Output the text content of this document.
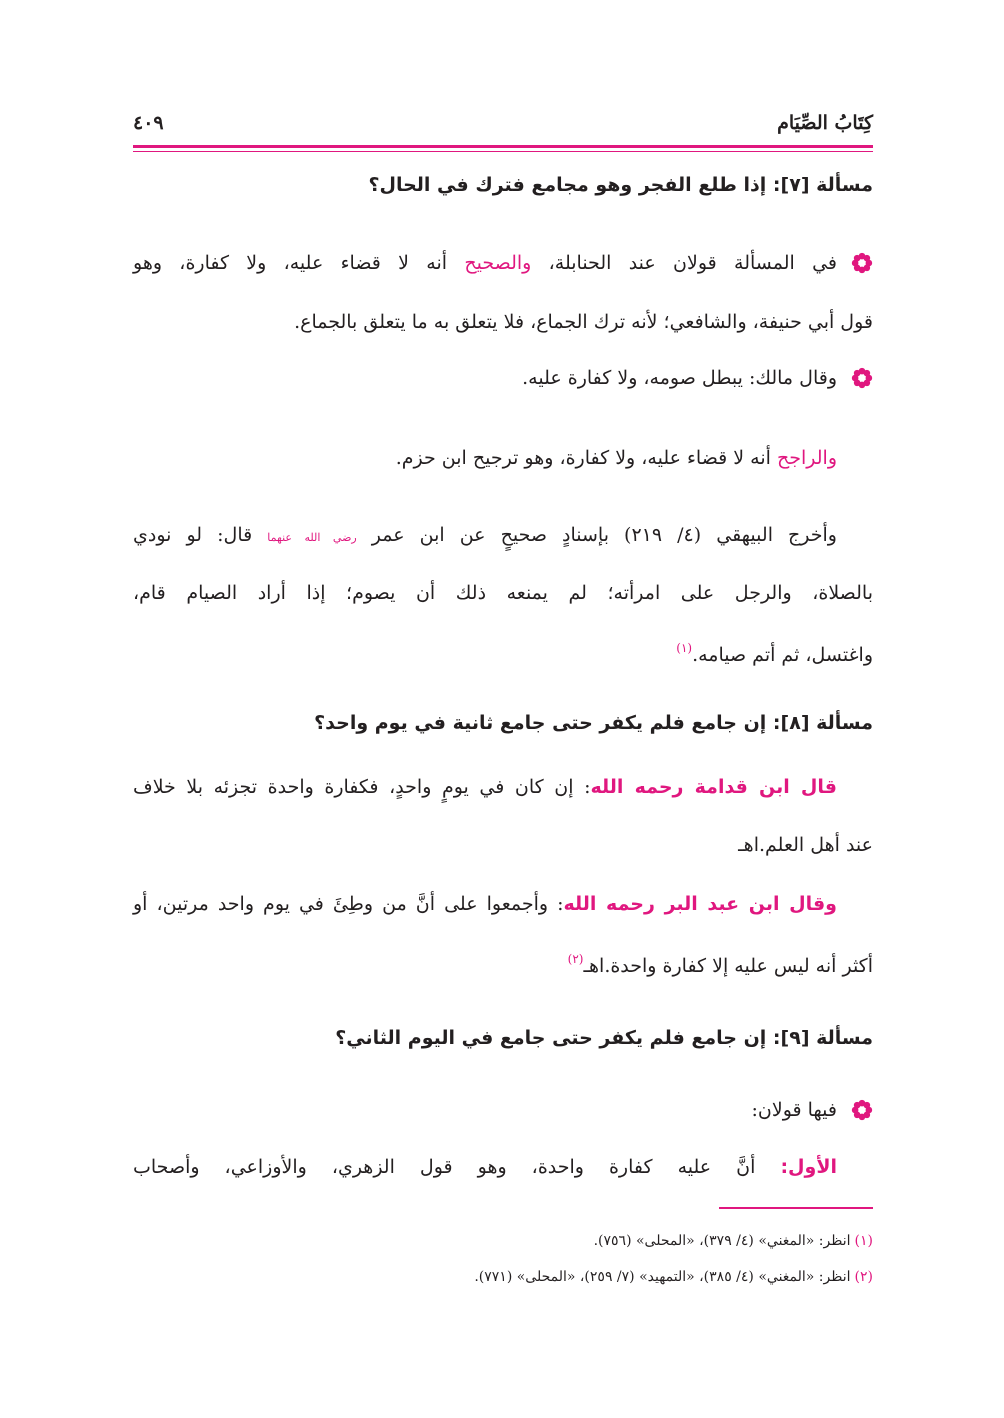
كِتَابُ الصِّيَام
٤٠٩
مسألة [٧]: إذا طلع الفجر وهو مجامع فترك في الحال؟
في المسألة قولان عند الحنابلة، والصحيح أنه لا قضاء عليه، ولا كفارة، وهو
قول أبي حنيفة، والشافعي؛ لأنه ترك الجماع، فلا يتعلق به ما يتعلق بالجماع.
وقال مالك: يبطل صومه، ولا كفارة عليه.
والراجح أنه لا قضاء عليه، ولا كفارة، وهو ترجيح ابن حزم.
وأخرج البيهقي (٤/ ٢١٩) بإسنادٍ صحيحٍ عن ابن عمر رضي الله عنهما قال: لو نودي
بالصلاة، والرجل على امرأته؛ لم يمنعه ذلك أن يصوم؛ إذا أراد الصيام قام،
واغتسل، ثم أتم صيامه.$^{(١)}$
مسألة [٨]: إن جامع فلم يكفر حتى جامع ثانية في يوم واحد؟
قال ابن قدامة رحمه الله: إن كان في يومٍ واحدٍ، فكفارة واحدة تجزئه بلا خلاف
عند أهل العلم.اهـ
وقال ابن عبد البر رحمه الله: وأجمعوا على أنَّ من وطِئَ في يوم واحد مرتين، أو
أكثر أنه ليس عليه إلا كفارة واحدة.اهـ$^{(٢)}$
مسألة [٩]: إن جامع فلم يكفر حتى جامع في اليوم الثاني؟
فيها قولان:
الأول: أنَّ عليه كفارة واحدة، وهو قول الزهري، والأوزاعي، وأصحاب
(١)انظر: «المغني» (٤/ ٣٧٩)، «المحلى» (٧٥٦).
(٢)انظر: «المغني» (٤/ ٣٨٥)، «التمهيد» (٧/ ٢٥٩)، «المحلى» (٧٧١).
